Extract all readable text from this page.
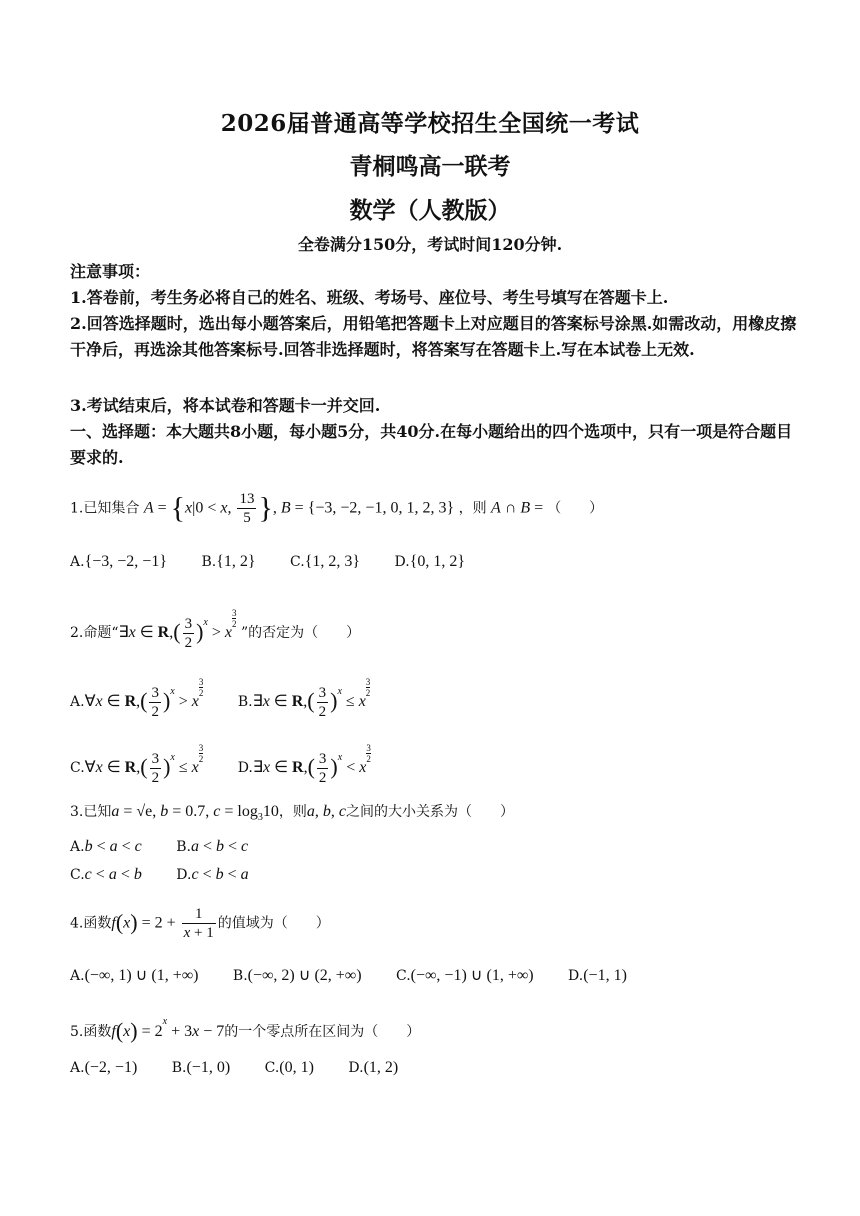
2026届普通高等学校招生全国统一考试
青桐鸣高一联考
数学（人教版）
全卷满分150分，考试时间120分钟.
注意事项：
1.答卷前，考生务必将自己的姓名、班级、考场号、座位号、考生号填写在答题卡上.
2.回答选择题时，选出每小题答案后，用铅笔把答题卡上对应题目的答案标号涂黑.如需改动，用橡皮擦干净后，再选涂其他答案标号.回答非选择题时，将答案写在答题卡上.写在本试卷上无效.
3.考试结束后，将本试卷和答题卡一并交回.
一、选择题：本大题共8小题，每小题5分，共40分.在每小题给出的四个选项中，只有一项是符合题目要求的.
1.已知集合 A = {x|0 < x, $\frac{13}{5}$ }, B = {−3, −2, −1, 0, 1, 2, 3} ，则 A ∩ B = （　　）
A.{−3, −2, −1} B.{1, 2} C.{1, 2, 3} D.{0, 1, 2}
2.命题“∃x ∈ $R,( \frac{3}{2} )^x > x$
$\frac{3}{2}$
”的否定为（　　）
A.∀x ∈ $R,( \frac{3}{2} )^x > x$
$\frac{3}{2}$
B.∃x ∈ $R,( \frac{3}{2} )^x \le x$
$\frac{3}{2}$
C.∀x ∈ $R,( \frac{3}{2} )^x \le x$
$\frac{3}{2}$
D.∃x ∈ $R,( \frac{3}{2} )^x < x$
$\frac{3}{2}$
3.已知a = √e, b = 0.7, $c = \log_310$，则a, b, c之间的大小关系为（　　）
A.b < a < c B.a < b < c
C.c < a < b D.c < b < a
4.函数$f(x) = 2 + \frac{1}{x + 1}$ 的值域为（　　）
A.(−∞, 1) ∪ (1, +∞) B.(−∞, 2) ∪ (2, +∞) C.(−∞, −1) ∪ (1, +∞) D.(−1, 1)
5.函数$f(x) = 2^x + 3x - 7$的一个零点所在区间为（　　）
A.(−2, −1) B.(−1, 0) C.(0, 1) D.(1, 2)
